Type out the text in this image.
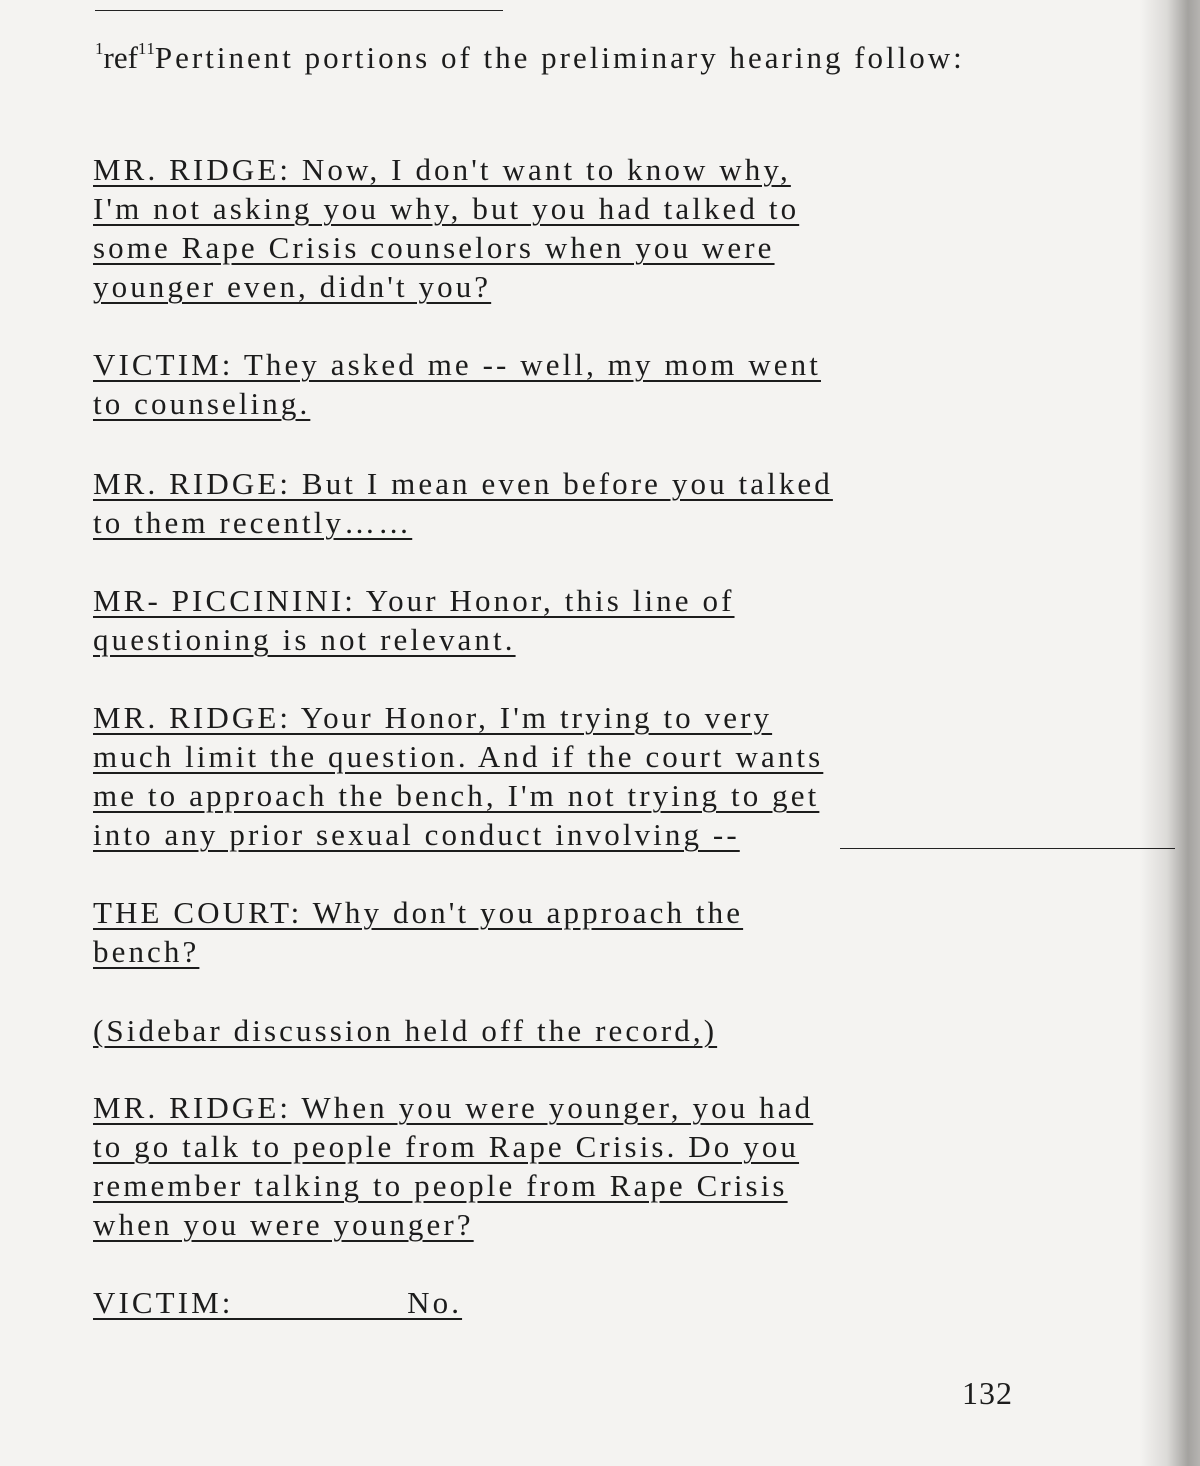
$^1$ref$^{11}$Pertinent portions of the preliminary hearing follow:
MR. RIDGE: Now, I don't want to know why,
I'm not asking you why, but you had talked to
some Rape Crisis counselors when you were
younger even, didn't you?
VICTIM: They asked me -- well, my mom went
to counseling.
MR. RIDGE: But I mean even before you talked
to them recently……
MR- PICCININI: Your Honor, this line of
questioning is not relevant.
MR. RIDGE: Your Honor, I'm trying to very
much limit the question. And if the court wants
me to approach the bench, I'm not trying to get
into any prior sexual conduct involving --
THE COURT: Why don't you approach the
bench?
(Sidebar discussion held off the record,)
MR. RIDGE: When you were younger, you had
to go talk to people from Rape Crisis. Do you
remember talking to people from Rape Crisis
when you were younger?
VICTIM:                No.
132
